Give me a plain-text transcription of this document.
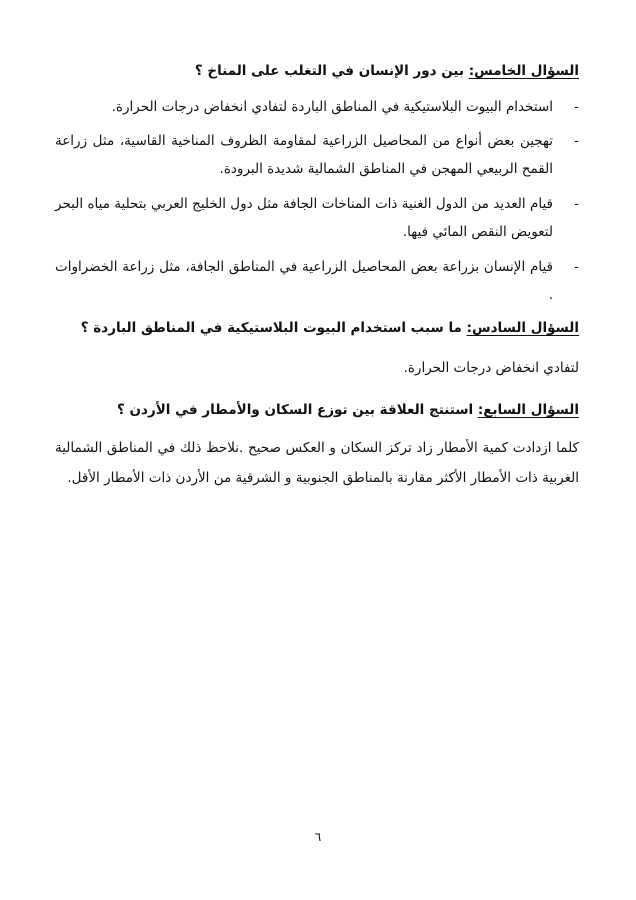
السؤال الخامس: بين دور الإنسان في التغلب على المناخ ؟
-
استخدام البيوت البلاستيكية في المناطق الباردة لتفادي انخفاض درجات الحرارة.
-
تهجين بعض أنواع من المحاصيل الزراعية لمقاومة الظروف المناخية القاسية، مثل زراعة القمح الربيعي المهجن في المناطق الشمالية شديدة البرودة.
-
قيام العديد من الدول الغنية ذات المناخات الجافة مثل دول الخليج العربي بتحلية مياه البحر لتعويض النقص المائي فيها.
-
قيام الإنسان بزراعة بعض المحاصيل الزراعية في المناطق الجافة، مثل زراعة الخضراوات .
السؤال السادس: ما سبب استخدام البيوت البلاستيكية في المناطق الباردة ؟
لتفادي انخفاض درجات الحرارة.
السؤال السابع: استنتج العلاقة بين توزع السكان والأمطار في الأردن ؟
كلما ازدادت كمية الأمطار زاد تركز السكان و العكس صحيح .نلاحظ ذلك في المناطق الشمالية الغربية ذات الأمطار الأكثر مقارنة بالمناطق الجنوبية و الشرقية من الأردن ذات الأمطار الأقل.
٦
